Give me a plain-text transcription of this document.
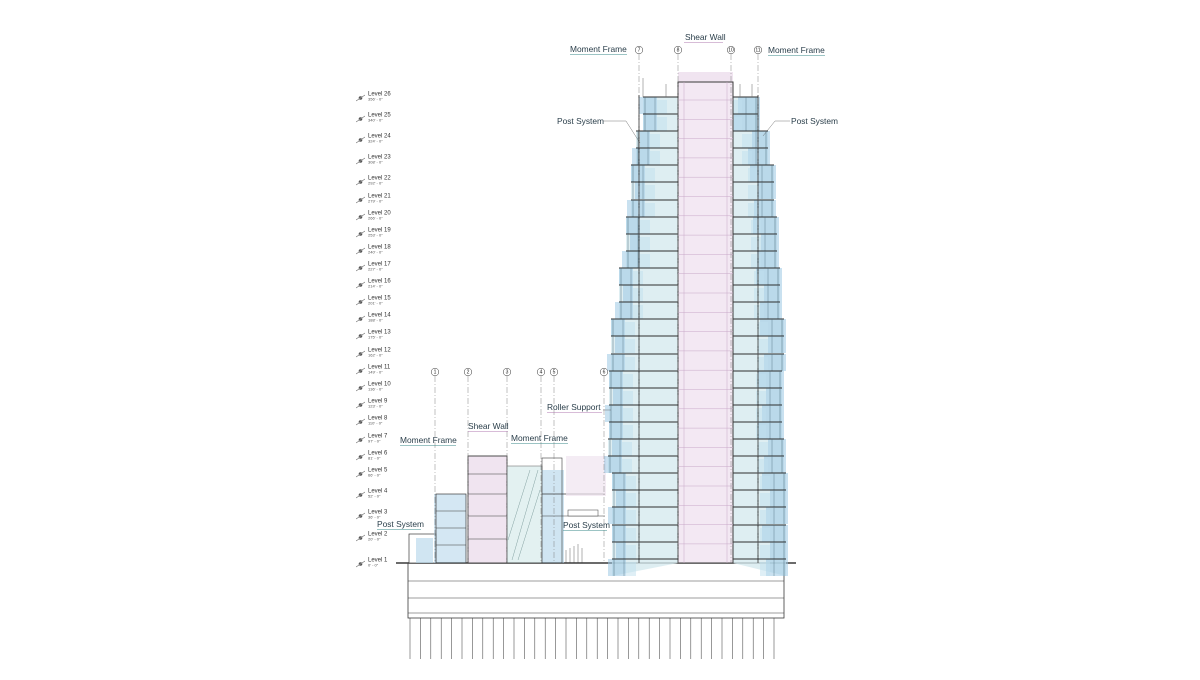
1	2	3	4 5	6
7	8	10	11
Level 26
356' - 0"
Level 25
340' - 0"
Level 24
324' - 0"
Level 23
308' - 0"
Level 22
292' - 0"
Level 21
279' - 0"
Level 20
266' - 0"
Level 19
253' - 0"
Level 18
240' - 0"
Level 17
227' - 0"
Level 16
214' - 0"
Level 15
201' - 0"
Level 14
188' - 0"
Level 13
175' - 0"
Level 12
162' - 0"
Level 11
149' - 0"
Level 10
136' - 0"
Level 9
123' - 0"
Level 8
110' - 0"
Level 7
97' - 0"
Level 6
81' - 0"
Level 5
66' - 0"
Level 4
52' - 0"
Level 3
36' - 0"
Level 2
20' - 0"
Level 1
0' - 0"
Shear Wall
Moment Frame	Moment Frame
Post System	Post System
Roller Support
Shear Wall
Moment Frame	Moment Frame
Post System	Post System
